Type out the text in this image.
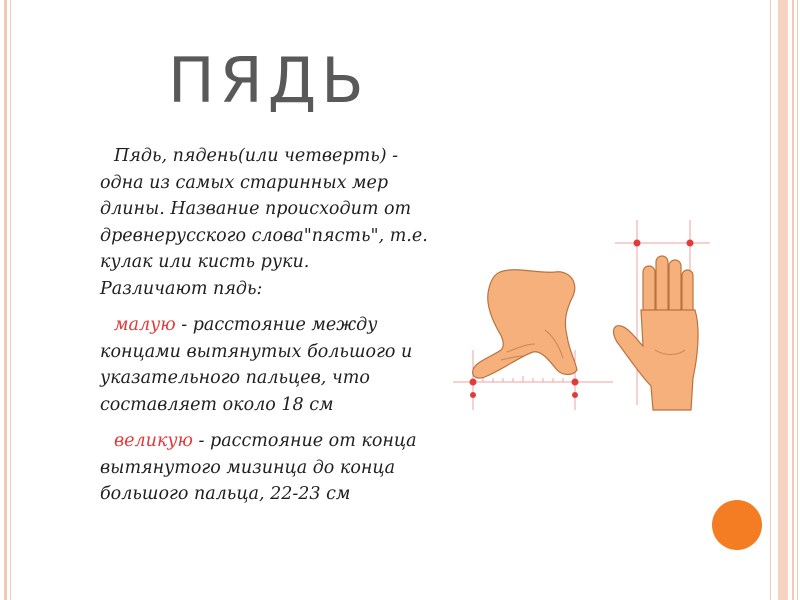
ПЯДЬ

Пядь, пядень(или четверть) -
одна из самых старинных мер
длины. Название происходит от
древнерусского слова"пясть", т.е.
кулак или кисть руки.
Различают пядь:

малую - расстояние между
концами вытянутых большого и
указательного пальцев, что
составляет около 18 см

великую - расстояние от конца
вытянутого мизинца до конца
большого пальца, 22-23 см
